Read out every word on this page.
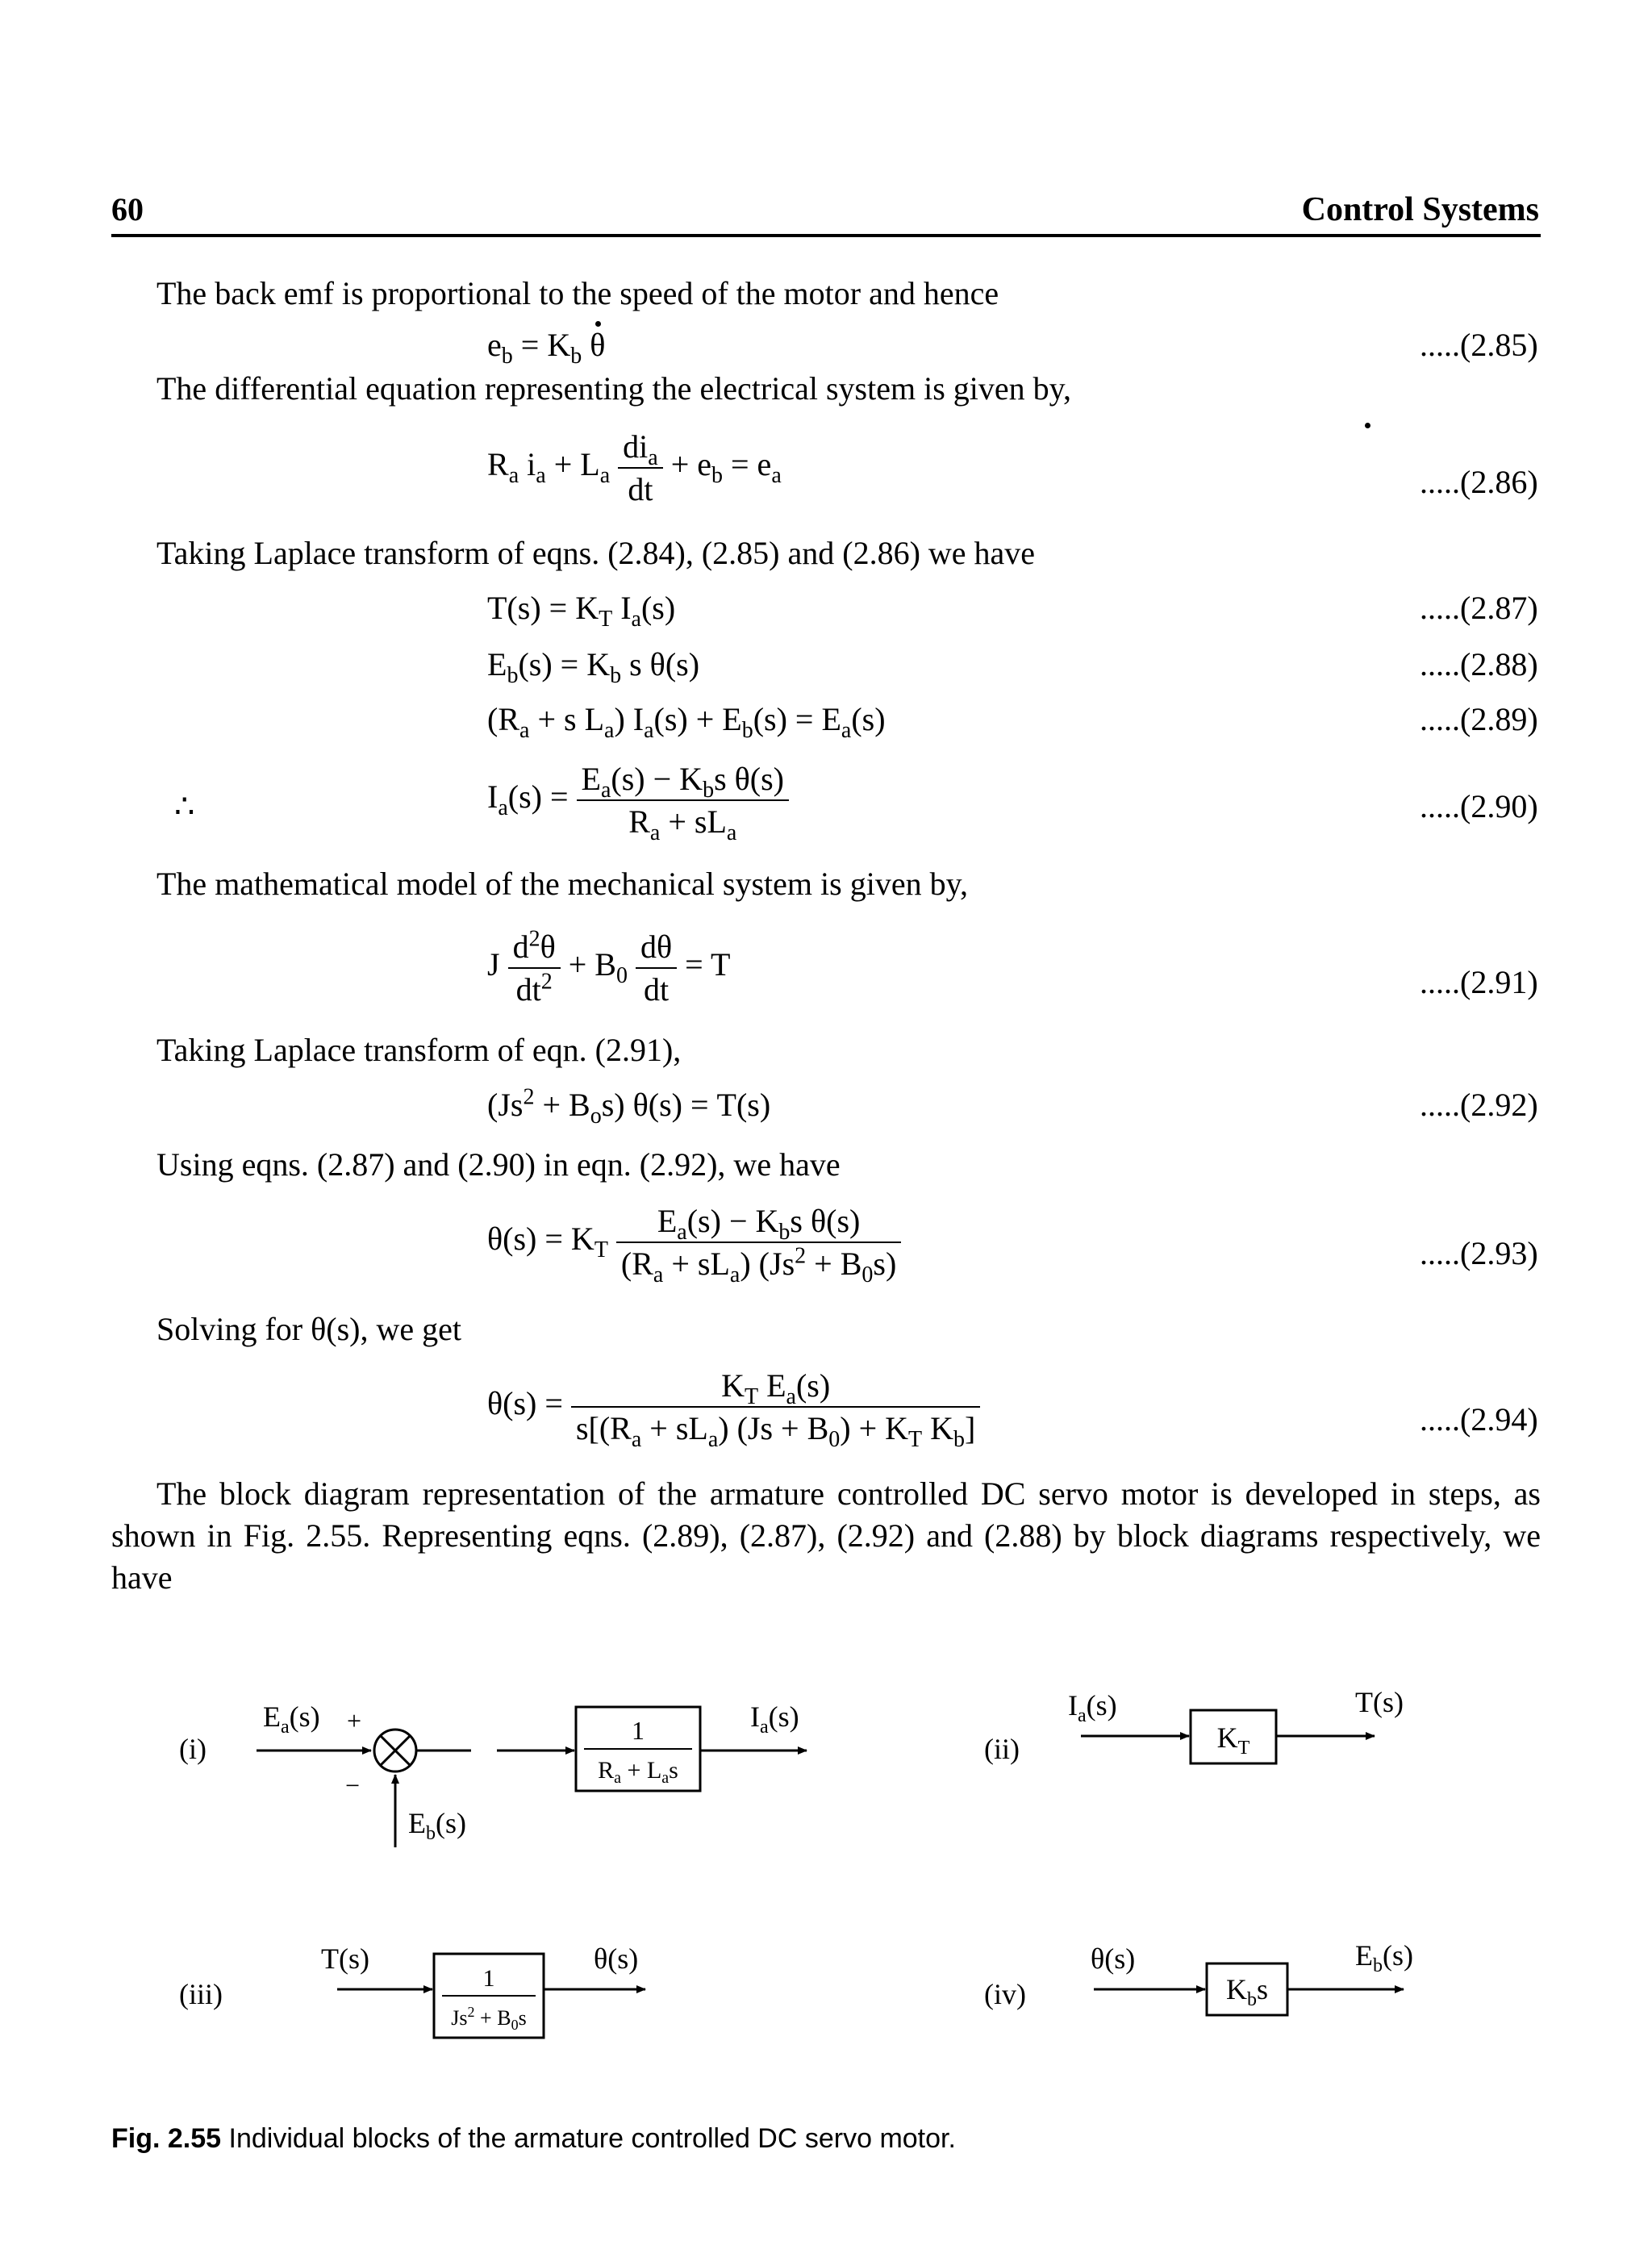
60	Control Systems
The back emf is proportional to the speed of the motor and hence
$e_b = K_b$ θ	.....(2.85)
The differential equation representing the electrical system is given by,
$R_a$ $i_a + L_a \frac{di_a}{dt} + e_b = e_a$	.....(2.86)
Taking Laplace transform of eqns. (2.84), (2.85) and (2.86) we have
$T(s) = K_T$ $I_a(s)$	.....(2.87)
$E_b(s) = K_b$ s θ(s)	.....(2.88)
($R_a + s$ $L_a$) $I_a(s) + E_b(s) = E_a(s)$	.....(2.89)
∴	$I_a(s) = \frac{E_a(s) - K_bs \theta(s)}{R_a + sL_a}$	.....(2.90)
The mathematical model of the mechanical system is given by,
J $\frac{d^2\theta}{dt^2} + B_0 \frac{d\theta}{dt} = T$	.....(2.91)
Taking Laplace transform of eqn. (2.91),
$(Js^2 + B_os) \theta(s) = T(s)$	.....(2.92)
Using eqns. (2.87) and (2.90) in eqn. (2.92), we have
$\theta(s) = K_T \frac{E_a(s) - K_bs \theta(s)}{(R_a + sL_a) (Js^2 + B_0s)}$	.....(2.93)
Solving for θ(s), we get
$\theta(s) = \frac{K_T E_a(s)}{s[(R_a + sL_a) (Js + B_0) + K_T K_b]}$	.....(2.94)
The block diagram representation of the armature controlled DC servo motor is developed in steps, as shown in Fig. 2.55. Representing eqns. (2.89), (2.87), (2.92) and (2.88) by block diagrams respectively, we have
(i)
$E_a(s)$ +
−
$E_b(s)$
1
$R_a + L_as$
$I_a(s)$
(ii)
$I_a(s)$
$K_T$
T(s)
(iii)
T(s)
1
$Js^2 + B_0s$
θ(s)
(iv)
θ(s)
$K_bs$
$E_b(s)$
Fig. 2.55 Individual blocks of the armature controlled DC servo motor.
